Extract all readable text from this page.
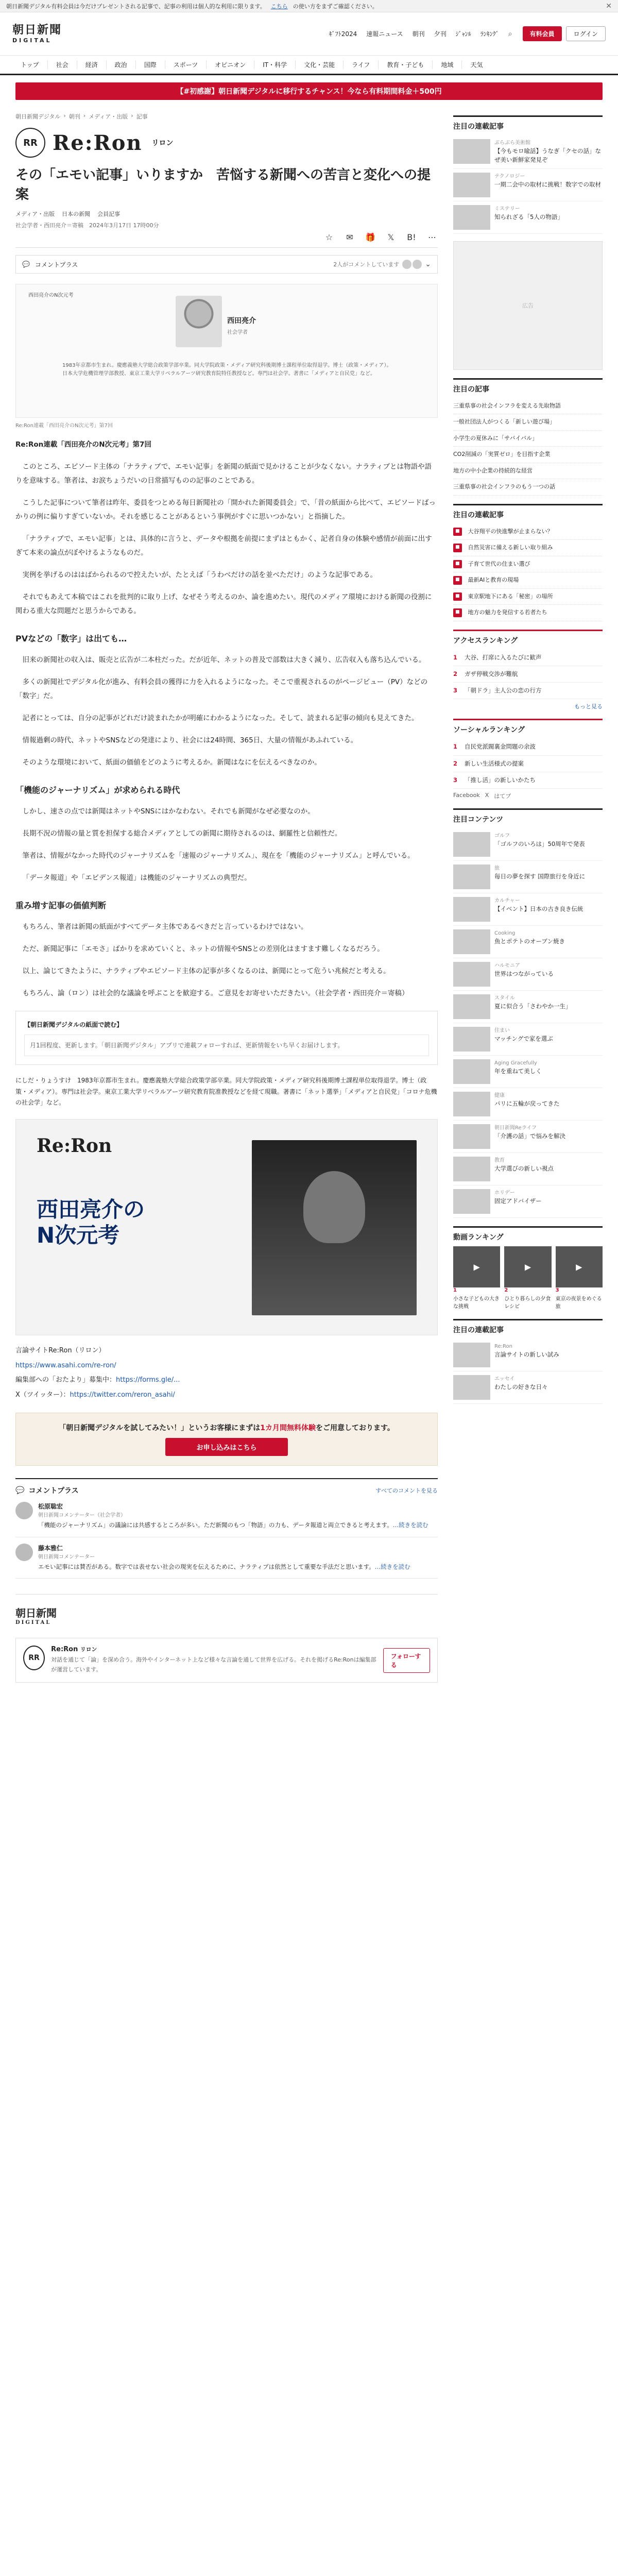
朝日新聞デジタル有料会員は今だけプレゼントされる記事で、記事の利用は個人的な利用に限ります。 こちら の使い方をまずご確認ください。	✕
朝日新聞
DIGITAL
ｷﾞﾌﾄ2024 速報ニュース 朝刊 夕刊 ｼﾞｬﾝﾙ ﾗﾝｷﾝｸﾞ ⌕	有料会員	ログイン
トップ	社会	経済	政治	国際	スポーツ	オピニオン	IT・科学	文化・芸能	ライフ	教育・子ども	地域	天気
【#初感謝】朝日新聞デジタルに移行するチャンス！今なら有料期間料金＋500円
朝日新聞デジタル › 朝刊 › メディア・出版 › 記事
RR Re:Ron リロン
その「エモい記事」いりますか　苦悩する新聞への苦言と変化への提案
メディア・出版 日本の新聞 会員記事
社会学者・西田亮介＝寄稿　2024年3月17日 17時00分
☆ ✉ 🎁 𝕏 B! ⋯
💬 コメントプラス	2人がコメントしています	⌄
西田亮介のN次元考
西田亮介
社会学者
1983年京都市生まれ。慶應義塾大学総合政策学部卒業。同大学院政策・メディア研究科後期博士課程単位取得退学。博士（政策・メディア）。日本大学危機管理学部教授、東京工業大学リベラルアーツ研究教育院特任教授など。専門は社会学。著書に「メディアと自民党」など。
Re:Ron連載「西田亮介のN次元考」第7回

Re:Ron連載「西田亮介のN次元考」第7回

このところ、エピソード主体の「ナラティブで、エモい記事」を新聞の紙面で見かけることが少なくない。ナラティブとは物語や語りを意味する。筆者は、お涙ちょうだいの日常描写ものの記事のことである。

こうした記事について筆者は昨年、委員をつとめる毎日新聞社の「開かれた新聞委員会」で、「昔の紙面から比べて、エピソードばっかりの例に偏りすぎていないか。それを感じることがあるという事例がすぐに思いつかない」と指摘した。

「ナラティブで、エモい記事」とは、具体的に言うと、データや根拠を前提にまずはともかく、記者自身の体験や感情が前面に出すぎて本来の論点がぼやけるようなものだ。

実例を挙げるのははばかられるので控えたいが、たとえば「うわべだけの話を並べただけ」のような記事である。

それでもあえて本稿ではこれを批判的に取り上げ、なぜそう考えるのか、論を進めたい。現代のメディア環境における新聞の役割に関わる重大な問題だと思うからである。

PVなどの「数字」は出ても…

旧来の新聞社の収入は、販売と広告が二本柱だった。だが近年、ネットの普及で部数は大きく減り、広告収入も落ち込んでいる。

多くの新聞社でデジタル化が進み、有料会員の獲得に力を入れるようになった。そこで重視されるのがページビュー（PV）などの「数字」だ。

記者にとっては、自分の記事がどれだけ読まれたかが明確にわかるようになった。そして、読まれる記事の傾向も見えてきた。

情報過剰の時代、ネットやSNSなどの発達により、社会には24時間、365日、大量の情報があふれている。

そのような環境において、紙面の価値をどのように考えるか。新聞はなにを伝えるべきなのか。

「機能のジャーナリズム」が求められる時代

しかし、速さの点では新聞はネットやSNSにはかなわない。それでも新聞がなぜ必要なのか。

長期不況の情報の量と質を担保する総合メディアとしての新聞に期待されるのは、網羅性と信頼性だ。

筆者は、情報がなかった時代のジャーナリズムを「速報のジャーナリズム」、現在を「機能のジャーナリズム」と呼んでいる。

「データ報道」や「エビデンス報道」は機能のジャーナリズムの典型だ。

重み増す記事の価値判断

もちろん、筆者は新聞の紙面がすべてデータ主体であるべきだと言っているわけではない。

ただ、新聞記事に「エモさ」ばかりを求めていくと、ネットの情報やSNSとの差別化はますます難しくなるだろう。

以上、論じてきたように、ナラティブやエピソード主体の記事が多くなるのは、新聞にとって危うい兆候だと考える。

もちろん、論（ロン）は社会的な議論を呼ぶことを歓迎する。ご意見をお寄せいただきたい。（社会学者・西田亮介＝寄稿）

【朝日新聞デジタルの紙面で読む】
月1回程度、更新します。「朝日新聞デジタル」アプリで連載フォローすれば、更新情報をいち早くお届けします。
にしだ・りょうすけ　1983年京都市生まれ。慶應義塾大学総合政策学部卒業。同大学院政策・メディア研究科後期博士課程単位取得退学。博士（政策・メディア）。専門は社会学。東京工業大学リベラルアーツ研究教育院准教授などを経て現職。著書に「ネット選挙」「メディアと自民党」「コロナ危機の社会学」など。
Re:Ron
西田亮介の
N次元考
言論サイトRe:Ron（リロン）
https://www.asahi.com/re-ron/
編集部への「おたより」募集中：https://forms.gle/...
X（ツイッター）：https://twitter.com/reron_asahi/
「朝日新聞デジタルを試してみたい！」というお客様にまずは1カ月間無料体験をご用意しております。
お申し込みはこちら
💬 コメントプラス	すべてのコメントを見る
松原聡宏
朝日新聞コメンテーター（社会学者）
「機能のジャーナリズム」の議論には共感するところが多い。ただ新聞のもつ「物語」の力も、データ報道と両立できると考えます。…続きを読む
藤本雅仁
朝日新聞コメンテーター
エモい記事には賛否がある。数字では表せない社会の現実を伝えるために、ナラティブは依然として重要な手法だと思います。…続きを読む
朝日新聞
DIGITAL
RR
Re:Ron リロン
対話を通じて「論」を深め合う。海外やインターネット上など様々な言論を通して世界を広げる。それを掲げるRe:Ronは編集部が運営しています。
フォローする
注目の連載記事
ぶらぶら美術館
【今もモロ喩話】うなぎ「クセの話」なぜ美い新鮮家発見ぞ
テクノロジー
一期二会中の取材に挑戦！数字での取材
ミステリー
知られざる「5人の物語」
広告
注目の記事
三重県事の社会インフラを変える先取物語
一般社団法人がつくる「新しい遊び場」
小学生の夏休みに「サバイバル」
CO2削減の「実質ゼロ」を目指す企業
地方の中小企業の持続的な経営
三重県事の社会インフラのもう一つの話
注目の連載記事
■	大谷翔平の快進撃が止まらない？
■	自然災害に備える新しい取り組み
■	子育て世代の住まい選び
■	最新AIと教育の現場
■	東京駅地下にある「秘密」の場所
■	地方の魅力を発信する若者たち
アクセスランキング
1	大谷、打席に入るたびに歓声
2	ガザ停戦交渉が難航
3	「朝ドラ」主人公の恋の行方
もっと見る
ソーシャルランキング
1	自民党派閥裏金問題の余波
2	新しい生活様式の提案
3	「推し活」の新しいかたち
Facebook X はてブ
注目コンテンツ
ゴルフ
「ゴルフのいろは」50周年で発表
旅
毎日の夢を探す 国際旅行を身近に
カルチャー
【イベント】日本の古き良き伝統
Cooking
魚とポテトのオーブン焼き
ハルモニア
世界はつながっている
スタイル
夏に似合う「さわやか一生」
住まい
マッチングで家を選ぶ
Aging Gracefully
年を重ねて美しく
健康
パリに五輪が戻ってきた
朝日新聞Reライフ
「介護の話」で悩みを解決
教育
大学選びの新しい視点
ホリデー
固定アドバイザー
動画ランキング
▶
1
小さな子どもの大きな挑戦
▶
2
ひとり暮らしの夕食レシピ
▶
3
東京の夜景をめぐる旅
注目の連載記事
Re:Ron
言論サイトの新しい試み
エッセイ
わたしの好きな日々
